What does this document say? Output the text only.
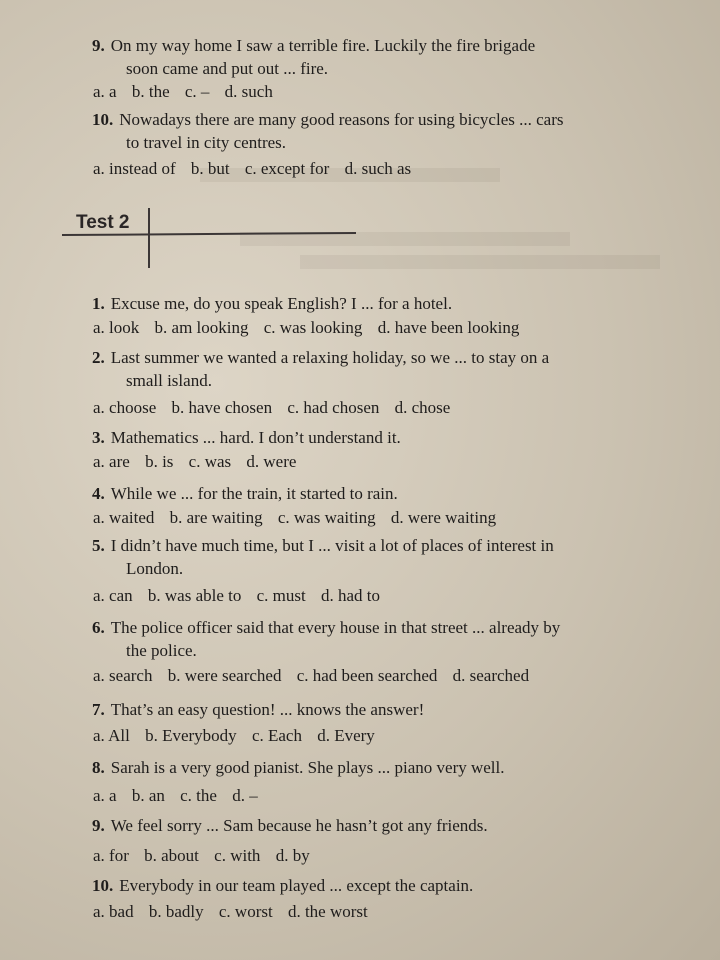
9. On my way home I saw a terrible fire. Luckily the fire brigade
soon came and put out ... fire.
a. a b. the c. – d. such
10. Nowadays there are many good reasons for using bicycles ... cars
to travel in city centres.
a. instead of b. but c. except for d. such as
Test 2
1. Excuse me, do you speak English? I ... for a hotel.
a. look b. am looking c. was looking d. have been looking
2. Last summer we wanted a relaxing holiday, so we ... to stay on a
small island.
a. choose b. have chosen c. had chosen d. chose
3. Mathematics ... hard. I don’t understand it.
a. are b. is c. was d. were
4. While we ... for the train, it started to rain.
a. waited b. are waiting c. was waiting d. were waiting
5. I didn’t have much time, but I ... visit a lot of places of interest in
London.
a. can b. was able to c. must d. had to
6. The police officer said that every house in that street ... already by
the police.
a. search b. were searched c. had been searched d. searched
7. That’s an easy question! ... knows the answer!
a. All b. Everybody c. Each d. Every
8. Sarah is a very good pianist. She plays ... piano very well.
a. a b. an c. the d. –
9. We feel sorry ... Sam because he hasn’t got any friends.
a. for b. about c. with d. by
10. Everybody in our team played ... except the captain.
a. bad b. badly c. worst d. the worst
